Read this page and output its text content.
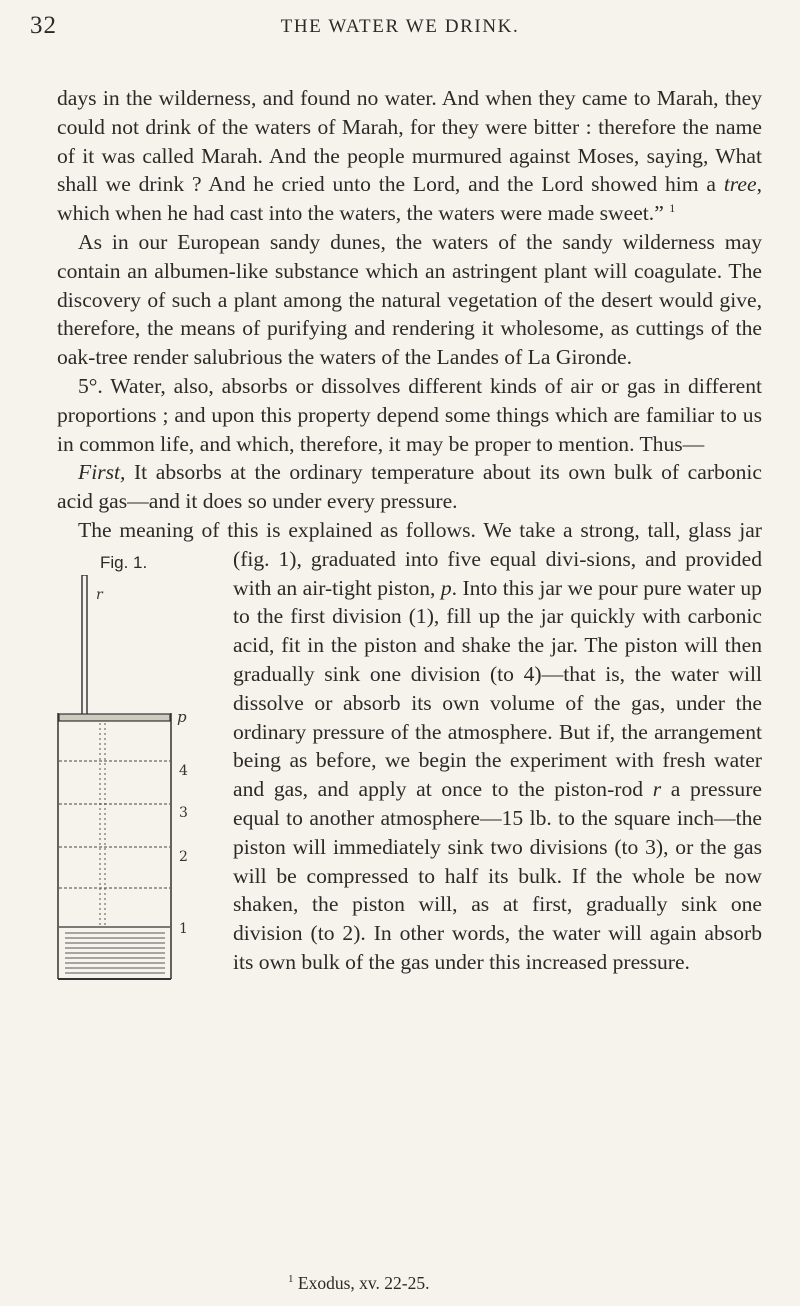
32	THE WATER WE DRINK.

days in the wilderness, and found no water. And when they came to Marah, they could not drink of the waters of Marah, for they were bitter : therefore the name of it was called Marah. And the people murmured against Moses, saying, What shall we drink ? And he cried unto the Lord, and the Lord showed him a tree, which when he had cast into the waters, the waters were made sweet.” $^1$

As in our European sandy dunes, the waters of the sandy wilderness may contain an albumen-like substance which an astringent plant will coagulate. The discovery of such a plant among the natural vegetation of the desert would give, therefore, the means of purifying and rendering it wholesome, as cuttings of the oak-tree render salubrious the waters of the Landes of La Gironde.

5°. Water, also, absorbs or dissolves different kinds of air or gas in different proportions ; and upon this property depend some things which are familiar to us in common life, and which, therefore, it may be proper to mention. Thus—
First, It absorbs at the ordinary temperature about its own bulk of carbonic acid gas—and it does so under every pressure.

The meaning of this is explained as follows. We take a strong, tall, glass jar (fig. 1), graduated into five equal divi-
Fig. 1.
r
p
4
3
2
1
sions, and provided with an air-tight piston, p. Into this jar we pour pure water up to the first division (1), fill up the jar quickly with carbonic acid, fit in the piston and shake the jar. The piston will then gradually sink one division (to 4)—that is, the water will dissolve or absorb its own volume of the gas, under the ordinary pressure of the atmosphere. But if, the arrangement being as before, we begin the experiment with fresh water and gas, and apply at once to the piston-rod r a pressure equal to another atmosphere—15 lb. to the square inch—the piston will immediately sink two divisions (to 3), or the gas will be compressed to half its bulk. If the whole be now shaken, the piston will, as at first, gradually sink one division (to 2). In other words, the water will again absorb its own bulk of the gas under this increased pressure.

$^1$ Exodus, xv. 22-25.
